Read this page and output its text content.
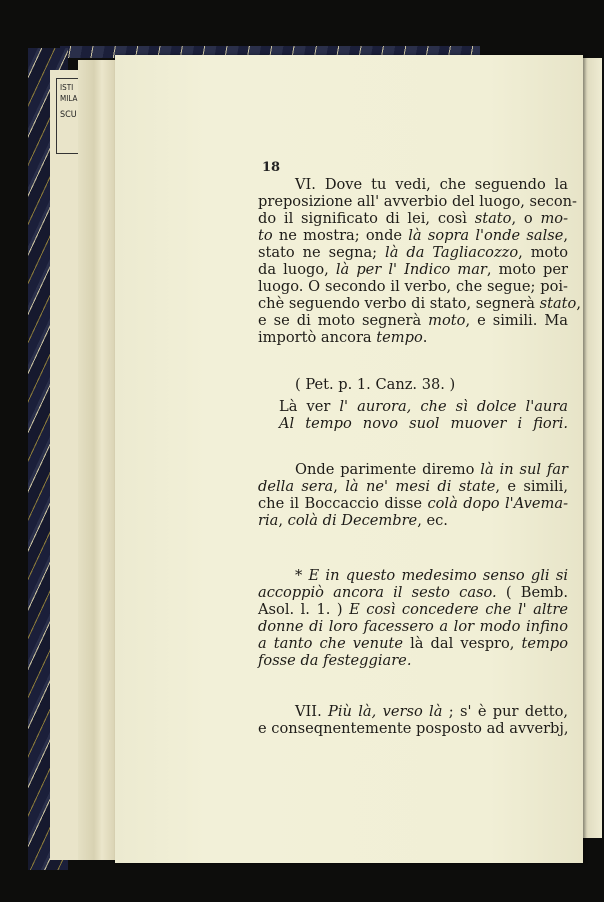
ISTI
MILA
SCU
18
VI. Dove tu vedi, che seguendo la
preposizione all' avverbio del luogo, secon-
do il significato di lei, così stato, o mo-
to ne mostra; onde là sopra l'onde salse,
stato ne segna; là da Tagliacozzo, moto
da luogo, là per l' Indico mar, moto per
luogo. O secondo il verbo, che segue; poi-
chè seguendo verbo di stato, segnerà stato,
e se di moto segnerà moto, e simili. Ma
importò ancora tempo.
( Pet. p. 1. Canz. 38. )
Là ver l' aurora, che sì dolce l'aura
Al tempo novo suol muover i fiori.
Onde parimente diremo là in sul far
della sera, là ne' mesi di state, e simili,
che il Boccaccio disse colà dopo l'Avema-
ria, colà di Decembre, ec.
* E in questo medesimo senso gli si
accoppiò ancora il sesto caso. ( Bemb.
Asol. l. 1. ) E così concedere che l' altre
donne di loro facessero a lor modo infino
a tanto che venute là dal vespro, tempo
fosse da festeggiare.
VII. Più là, verso là ; s' è pur detto,
e conseqnentemente posposto ad avverbj,
